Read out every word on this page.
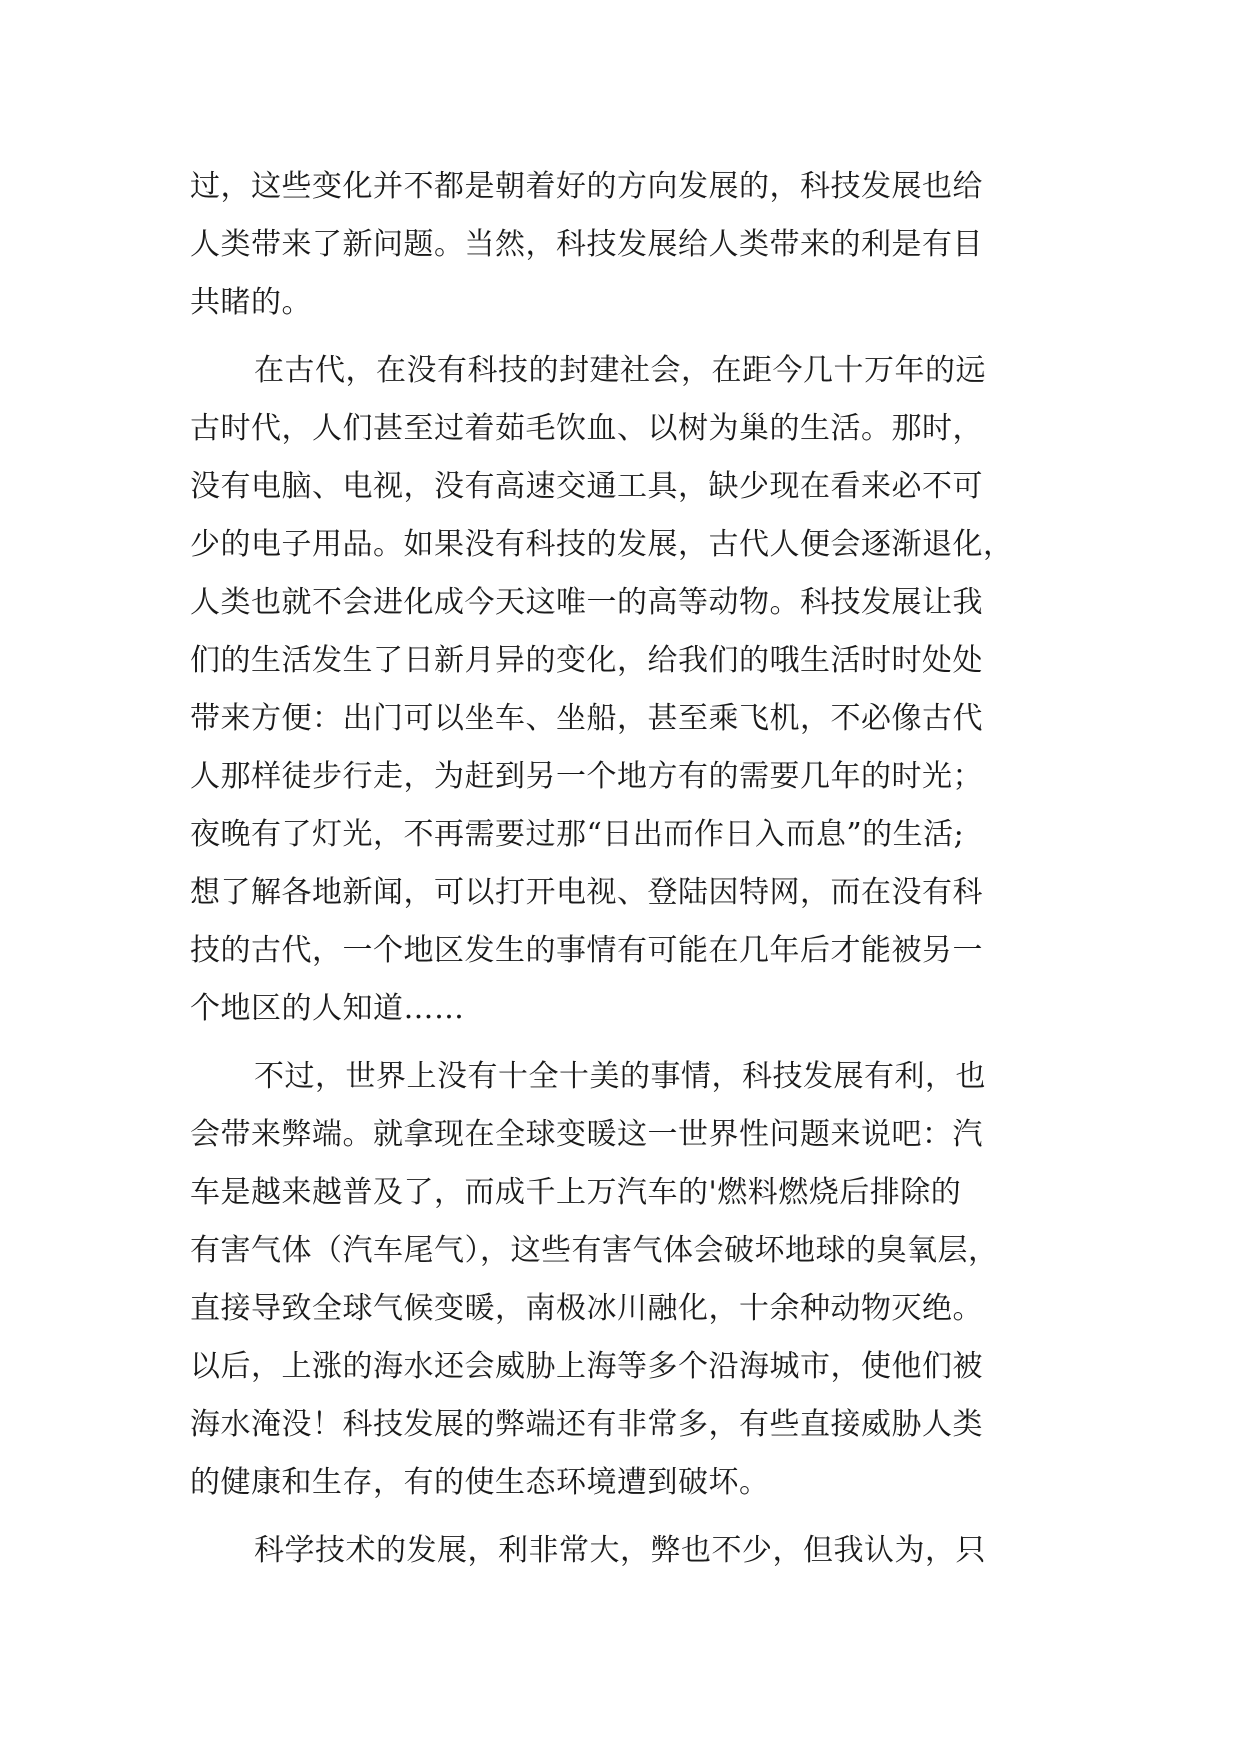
过，这些变化并不都是朝着好的方向发展的，科技发展也给
人类带来了新问题。当然，科技发展给人类带来的利是有目
共睹的。
在古代，在没有科技的封建社会，在距今几十万年的远
古时代，人们甚至过着茹毛饮血、以树为巢的生活。那时，
没有电脑、电视，没有高速交通工具，缺少现在看来必不可
少的电子用品。如果没有科技的发展，古代人便会逐渐退化，
人类也就不会进化成今天这唯一的高等动物。科技发展让我
们的生活发生了日新月异的变化，给我们的哦生活时时处处
带来方便：出门可以坐车、坐船，甚至乘飞机，不必像古代
人那样徒步行走，为赶到另一个地方有的需要几年的时光；
夜晚有了灯光，不再需要过那“日出而作日入而息”的生活;
想了解各地新闻，可以打开电视、登陆因特网，而在没有科
技的古代，一个地区发生的事情有可能在几年后才能被另一
个地区的人知道……
不过，世界上没有十全十美的事情，科技发展有利，也
会带来弊端。就拿现在全球变暖这一世界性问题来说吧：汽
车是越来越普及了，而成千上万汽车的'燃料燃烧后排除的
有害气体（汽车尾气），这些有害气体会破坏地球的臭氧层，
直接导致全球气候变暖，南极冰川融化，十余种动物灭绝。
以后，上涨的海水还会威胁上海等多个沿海城市，使他们被
海水淹没！科技发展的弊端还有非常多，有些直接威胁人类
的健康和生存，有的使生态环境遭到破坏。
科学技术的发展，利非常大，弊也不少，但我认为，只
